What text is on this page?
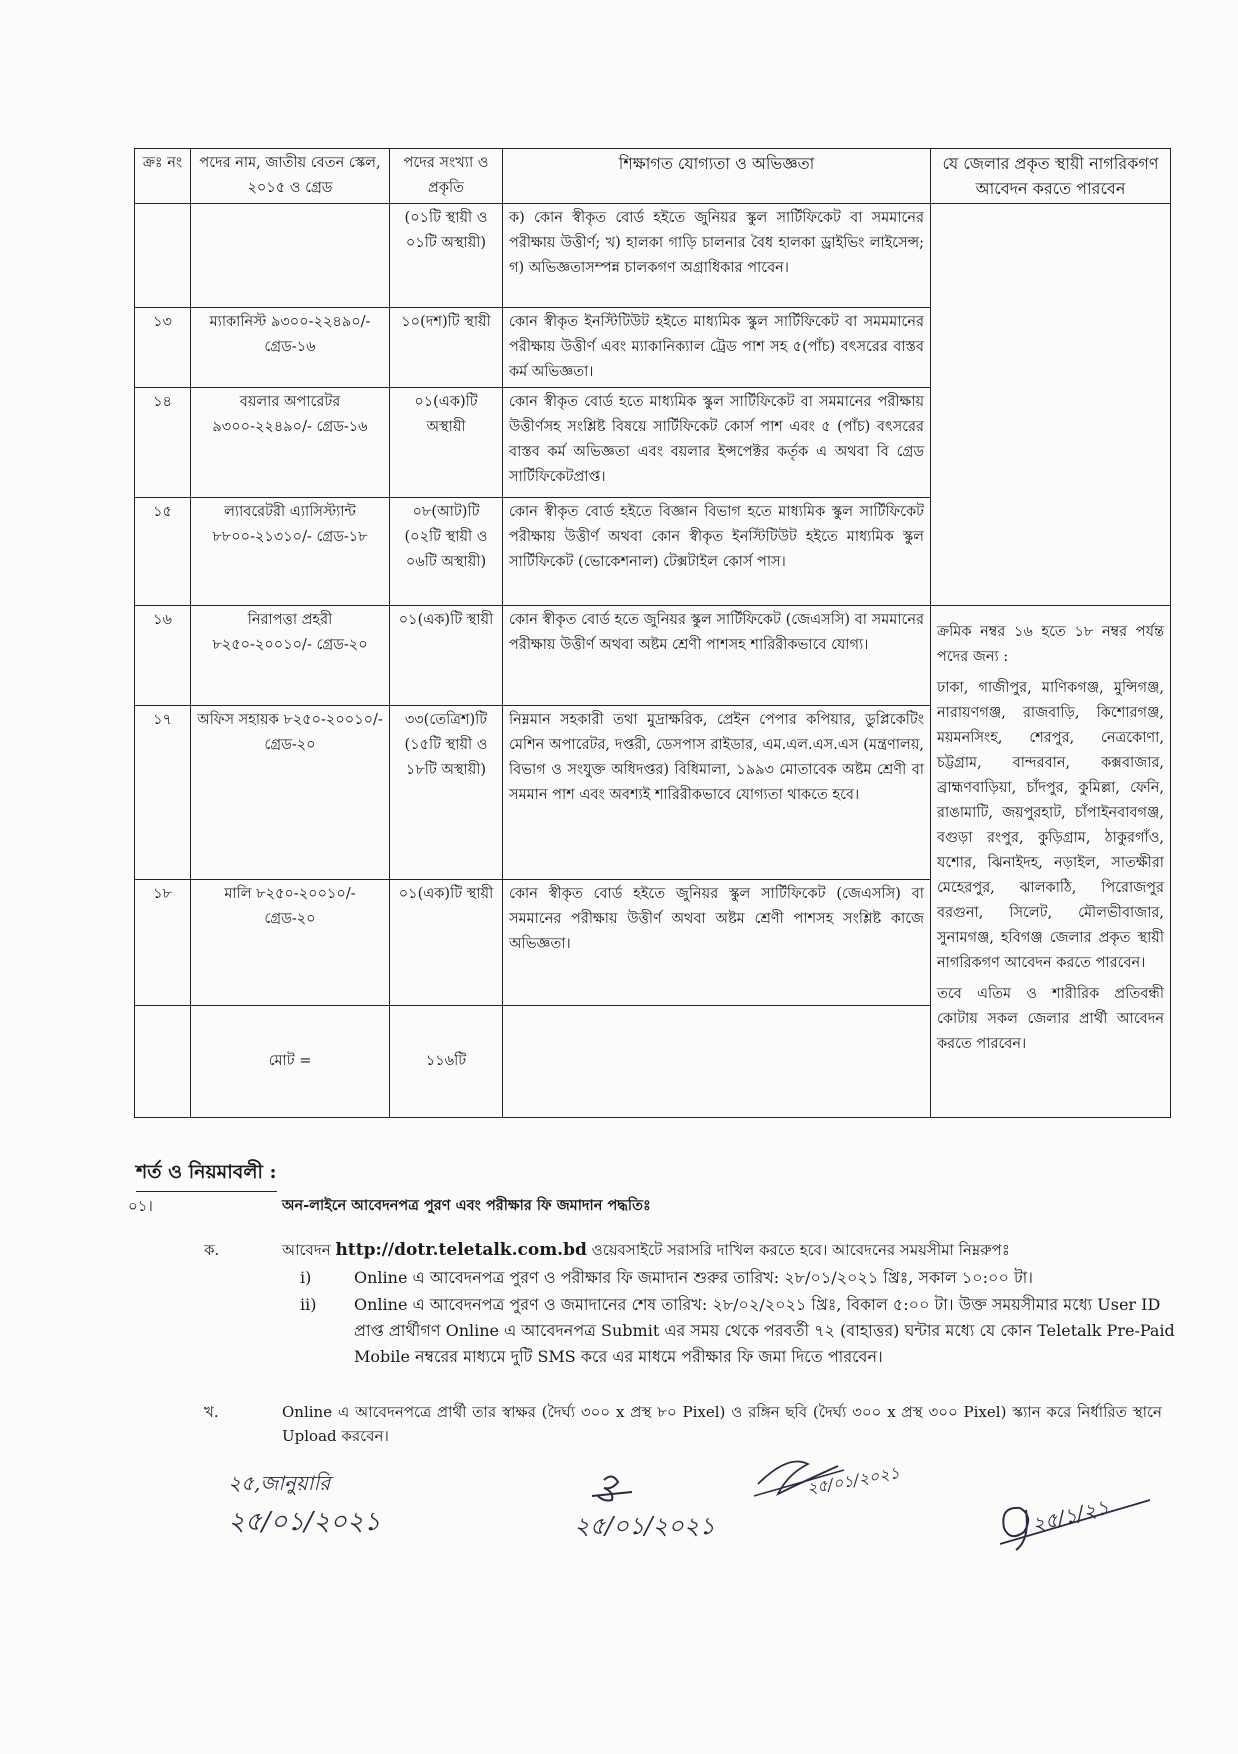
ক্রঃ নং	পদের নাম, জাতীয় বেতন স্কেল, ২০১৫ ও গ্রেড	পদের সংখ্যা ও প্রকৃতি	শিক্ষাগত যোগ্যতা ও অভিজ্ঞতা	যে জেলার প্রকৃত স্থায়ী নাগরিকগণ আবেদন করতে পারবেন
		(০১টি স্থায়ী ও ০১টি অস্থায়ী)	ক) কোন স্বীকৃত বোর্ড হইতে জুনিয়র স্কুল সার্টিফিকেট বা সমমানের পরীক্ষায় উত্তীর্ণ; খ) হালকা গাড়ি চালনার বৈধ হালকা ড্রাইভিং লাইসেন্স; গ) অভিজ্ঞতাসম্পন্ন চালকগণ অগ্রাধিকার পাবেন।	
১৩	ম্যাকানিস্ট ৯৩০০-২২৪৯০/- গ্রেড-১৬	১০(দশ)টি স্থায়ী	কোন স্বীকৃত ইনস্টিটিউট হইতে মাধ্যমিক স্কুল সার্টিফিকেট বা সমমমানের পরীক্ষায় উত্তীর্ণ এবং ম্যাকানিক্যাল ট্রেড পাশ সহ ৫(পাঁচ) বৎসরের বাস্তব কর্ম অভিজ্ঞতা।	
১৪	বয়লার অপারেটর ৯৩০০-২২৪৯০/- গ্রেড-১৬	০১(এক)টি অস্থায়ী	কোন স্বীকৃত বোর্ড হতে মাধ্যমিক স্কুল সার্টিফিকেট বা সমমানের পরীক্ষায় উত্তীর্ণসহ সংশ্লিষ্ট বিষয়ে সার্টিফিকেট কোর্স পাশ এবং ৫ (পাঁচ) বৎসরের বাস্তব কর্ম অভিজ্ঞতা এবং বয়লার ইন্সপেক্টর কর্তৃক এ অথবা বি গ্রেড সার্টিফিকেটপ্রাপ্ত।	
১৫	ল্যাবরেটরী এ্যাসিস্ট্যান্ট ৮৮০০-২১৩১০/- গ্রেড-১৮	০৮(আট)টি (০২টি স্থায়ী ও ০৬টি অস্থায়ী)	কোন স্বীকৃত বোর্ড হইতে বিজ্ঞান বিভাগ হতে মাধ্যমিক স্কুল সার্টিফিকেট পরীক্ষায় উত্তীর্ণ অথবা কোন স্বীকৃত ইনস্টিটিউট হইতে মাধ্যমিক স্কুল সার্টিফিকেট (ভোকেশনাল) টেক্সটাইল কোর্স পাস।	
১৬	নিরাপত্তা প্রহরী ৮২৫০-২০০১০/- গ্রেড-২০	০১(এক)টি স্থায়ী	কোন স্বীকৃত বোর্ড হতে জুনিয়র স্কুল সার্টিফিকেট (জেএসসি) বা সমমানের পরীক্ষায় উত্তীর্ণ অথবা অষ্টম শ্রেণী পাশসহ শারিরীকভাবে যোগ্য।	ক্রমিক নম্বর ১৬ হতে ১৮ নম্বর পর্যন্ত পদের জন্য :

ঢাকা, গাজীপুর, মাণিকগঞ্জ, মুন্সিগঞ্জ, নারায়ণগঞ্জ, রাজবাড়ি, কিশোরগঞ্জ, ময়মনসিংহ, শেরপুর, নেত্রকোণা, চট্টগ্রাম, বান্দরবান, কক্সবাজার, ব্রাহ্মণবাড়িয়া, চাঁদপুর, কুমিল্লা, ফেনি, রাঙামাটি, জয়পুরহাট, চাঁপাইনবাবগঞ্জ, বগুড়া রংপুর, কুড়িগ্রাম, ঠাকুরগাঁও, যশোর, ঝিনাইদহ, নড়াইল, সাতক্ষীরা মেহেরপুর, ঝালকাঠি, পিরোজপুর বরগুনা, সিলেট, মৌলভীবাজার, সুনামগঞ্জ, হবিগঞ্জ জেলার প্রকৃত স্থায়ী নাগরিকগণ আবেদন করতে পারবেন।

তবে এতিম ও শারীরিক প্রতিবন্ধী কোটায় সকল জেলার প্রার্থী আবেদন করতে পারবেন।

১৭	অফিস সহায়ক ৮২৫০-২০০১০/- গ্রেড-২০	৩৩(তেত্রিশ)টি (১৫টি স্থায়ী ও ১৮টি অস্থায়ী)	নিম্নমান সহকারী তথা মুদ্রাক্ষরিক, প্রেইন পেপার কপিয়ার, ডুপ্লিকেটিং মেশিন অপারেটর, দপ্তরী, ডেসপাস রাইডার, এম.এল.এস.এস (মন্ত্রণালয়, বিভাগ ও সংযুক্ত অধিদপ্তর) বিধিমালা, ১৯৯৩ মোতাবেক অষ্টম শ্রেণী বা সমমান পাশ এবং অবশ্যই শারিরীকভাবে যোগ্যতা থাকতে হবে।	
১৮	মালি ৮২৫০-২০০১০/- গ্রেড-২০	০১(এক)টি স্থায়ী	কোন স্বীকৃত বোর্ড হইতে জুনিয়র স্কুল সার্টিফিকেট (জেএসসি) বা সমমানের পরীক্ষায় উত্তীর্ণ অথবা অষ্টম শ্রেণী পাশসহ সংশ্লিষ্ট কাজে অভিজ্ঞতা।	
	মোট =	১১৬টি		
শর্ত ও নিয়মাবলী :
০১।	অন-লাইনে আবেদনপত্র পুরণ এবং পরীক্ষার ফি জমাদান পদ্ধতিঃ
ক.	আবেদন http://dotr.teletalk.com.bd ওয়েবসাইটে সরাসরি দাখিল করতে হবে। আবেদনের সময়সীমা নিম্নরুপঃ
i)	Online এ আবেদনপত্র পুরণ ও পরীক্ষার ফি জমাদান শুরুর তারিখ: ২৮/০১/২০২১ খ্রিঃ, সকাল ১০:০০ টা।
ii)	Online এ আবেদনপত্র পুরণ ও জমাদানের শেষ তারিখ: ২৮/০২/২০২১ খ্রিঃ, বিকাল ৫:০০ টা। উক্ত সময়সীমার মধ্যে User ID প্রাপ্ত প্রার্থীগণ Online এ আবেদনপত্র Submit এর সময় থেকে পরবর্তী ৭২ (বাহাত্তর) ঘন্টার মধ্যে যে কোন Teletalk Pre-Paid Mobile নম্বরের মাধ্যমে দুটি SMS করে এর মাধমে পরীক্ষার ফি জমা দিতে পারবেন।
খ.	Online এ আবেদনপত্রে প্রার্থী তার স্বাক্ষর (দৈর্ঘ্য ৩০০ x প্রস্থ ৮০ Pixel) ও রঙ্গিন ছবি (দৈর্ঘ্য ৩০০ x প্রস্থ ৩০০ Pixel) স্ক্যান করে নির্ধারিত স্থানে Upload করবেন।
২৫,জানুয়ারি
২৫/০১/২০২১	২৫/০১/২০২১
২৫/০১/২০২১
২৫/১/২১
